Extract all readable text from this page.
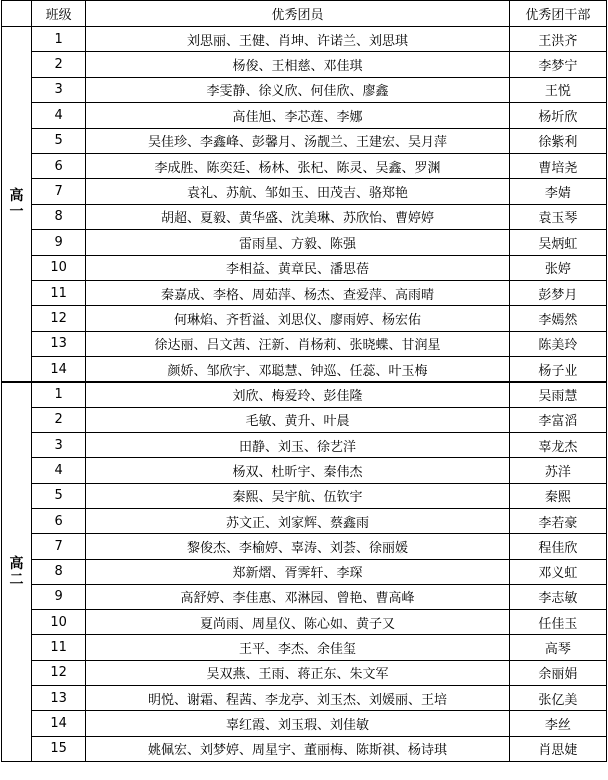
	班级	优秀团员	优秀团干部
高一	1	刘思丽、王健、肖坤、许诺兰、刘思琪	王洪齐
	2	杨俊、王相慈、邓佳琪	李梦宁
	3	李雯静、徐义欣、何佳欣、廖鑫	王悦
	4	高佳旭、李芯莲、李娜	杨圻欣
	5	吴佳珍、李鑫峰、彭馨月、汤靓兰、王建宏、吴月萍	徐紫利
	6	李成胜、陈奕廷、杨林、张杞、陈灵、吴鑫、罗渊	曹培尧
	7	袁礼、苏航、邹如玉、田茂吉、骆郑艳	李婧
	8	胡超、夏毅、黄华盛、沈美琳、苏欣怡、曹婷婷	袁玉琴
	9	雷雨星、方毅、陈强	吴炳虹
	10	李相益、黄章民、潘思蓓	张婷
	11	秦嘉成、李格、周茹萍、杨杰、查爱萍、高雨晴	彭梦月
	12	何琳焰、齐哲溢、刘思仪、廖雨婷、杨宏佑	李嫣然
	13	徐达丽、吕文茜、汪新、肖杨莉、张晓蝶、甘润星	陈美玲
	14	颜娇、邹欣宇、邓聪慧、钟巡、任蕊、叶玉梅	杨子业
高二	1	刘欣、梅爱玲、彭佳隆	吴雨慧
	2	毛敏、黄升、叶晨	李富滔
	3	田静、刘玉、徐艺洋	辜龙杰
	4	杨双、杜昕宇、秦伟杰	苏洋
	5	秦熙、吴宇航、伍钦宇	秦熙
	6	苏文正、刘家辉、蔡鑫雨	李若豪
	7	黎俊杰、李榆婷、辜涛、刘荟、徐丽媛	程佳欣
	8	郑新熠、胥霁轩、李琛	邓义虹
	9	高舒婷、李佳惠、邓淋园、曾艳、曹高峰	李志敏
	10	夏尚雨、周星仪、陈心如、黄子又	任佳玉
	11	王平、李杰、余佳玺	高琴
	12	吴双燕、王雨、蒋正东、朱文军	余丽娟
	13	明悦、谢霜、程茜、李龙亭、刘玉杰、刘媛丽、王培	张亿美
	14	辜红霞、刘玉瑕、刘佳敏	李丝
	15	姚佩宏、刘梦婷、周星宇、董丽梅、陈斯祺、杨诗琪	肖思婕
